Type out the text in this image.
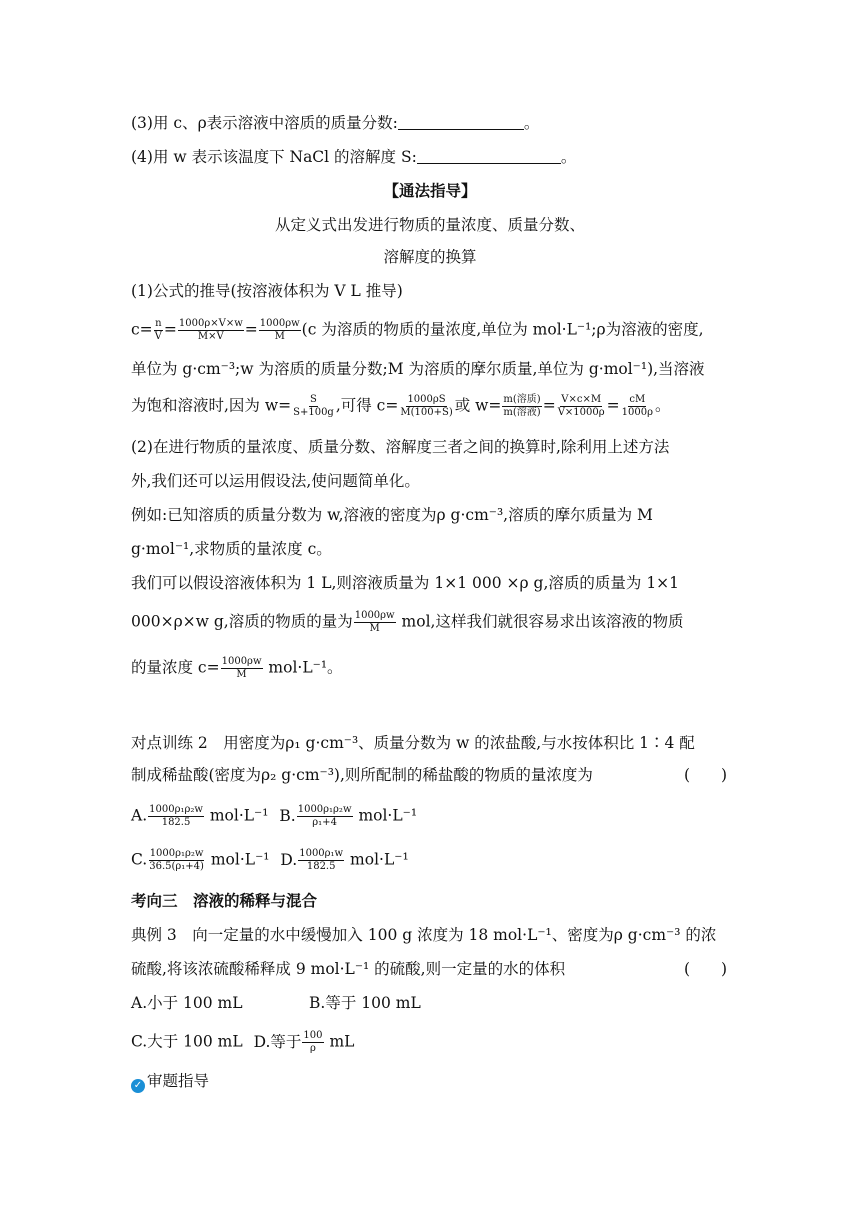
(3)用 c、ρ表示溶液中溶质的质量分数:	。
(4)用 w 表示该温度下 NaCl 的溶解度 S:	。
【通法指导】
从定义式出发进行物质的量浓度、质量分数、
溶解度的换算
(1)公式的推导(按溶液体积为 V L 推导)
$c= \frac{n}{V} = \frac{1000\rho\times V\times w}{M\times V} = \frac{1000\rho w}{M} (c$ 为溶质的物质的量浓度,单位为 mol·L⁻¹;ρ为溶液的密度,
单位为 g·cm⁻³;w 为溶质的质量分数;M 为溶质的摩尔质量,单位为 g·mol⁻¹),当溶液
为饱和溶液时,因为 $w= \frac{S}{S+100g}$ ,可得 $c= \frac{1000\rho S}{M(100+S)}$ 或 $w= \frac{\text{m(溶质)}}{\text{m(溶液)}} = \frac{V\times c\times M}{V\times 1000\rho} = \frac{cM}{1000\rho}$ 。
(2)在进行物质的量浓度、质量分数、溶解度三者之间的换算时,除利用上述方法
外,我们还可以运用假设法,使问题简单化。
例如:已知溶质的质量分数为 w,溶液的密度为ρ g·cm⁻³,溶质的摩尔质量为 M
g·mol⁻¹,求物质的量浓度 c。
我们可以假设溶液体积为 1 L,则溶液质量为 1×1 000 ×ρ g,溶质的质量为 1×1
000×ρ×w g,溶质的物质的量为 $\frac{1000\rho w}{M}$ mol,这样我们就很容易求出该溶液的物质
的量浓度 $c= \frac{1000\rho w}{M} mol\cdot L^{-1}$。
对点训练 2　用密度为ρ₁ g·cm⁻³、质量分数为 w 的浓盐酸,与水按体积比 1∶4 配
制成稀盐酸(密度为ρ₂ g·cm⁻³),则所配制的稀盐酸的物质的量浓度为	(　　)
A. $\frac{\text{1000ρ₁ρ₂w}}{182.5} mol\cdot L^{-1}$ B. $\frac{\text{1000ρ₁ρ₂w}}{\text{ρ₁+4}} mol\cdot L^{-1}$
C. $\frac{\text{1000ρ₁ρ₂w}}{\text{36.5(ρ₁+4)}} mol\cdot L^{-1}$ D. $\frac{\text{1000ρ₁w}}{182.5} mol\cdot L^{-1}$
考向三　溶液的稀释与混合
典例 3　向一定量的水中缓慢加入 100 g 浓度为 18 mol·L⁻¹、密度为ρ g·cm⁻³ 的浓
硫酸,将该浓硫酸稀释成 9 mol·L⁻¹ 的硫酸,则一定量的水的体积	(　　)
A.小于 100 mL	B.等于 100 mL
C.大于 100 mL D.等于 $\frac{100}{\rho}$ mL
✓ 审题指导
